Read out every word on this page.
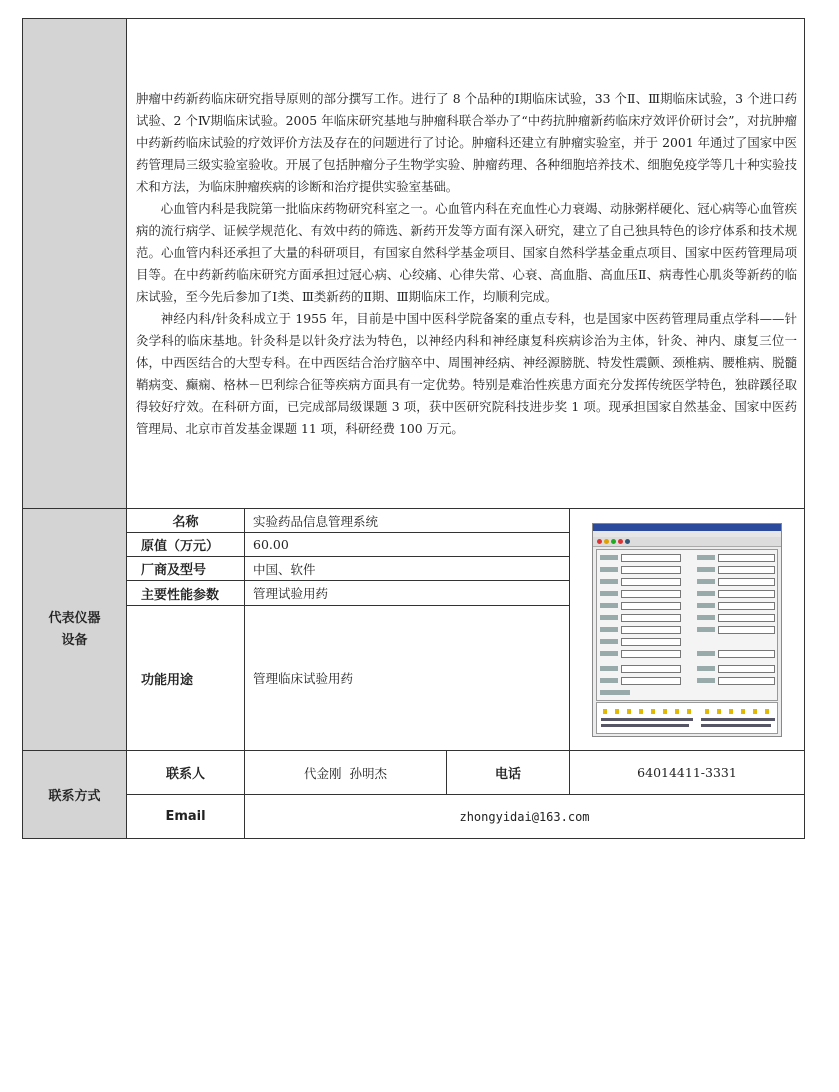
	肿瘤中药新药临床研究指导原则的部分撰写工作。进行了 8 个品种的Ⅰ期临床试验，33 个Ⅱ、Ⅲ期临床试验，3 个进口药试验、2 个Ⅳ期临床试验。2005 年临床研究基地与肿瘤科联合举办了“中药抗肿瘤新药临床疗效评价研讨会”，对抗肿瘤中药新药临床试验的疗效评价方法及存在的问题进行了讨论。肿瘤科还建立有肿瘤实验室，并于 2001 年通过了国家中医药管理局三级实验室验收。开展了包括肿瘤分子生物学实验、肿瘤药理、各种细胞培养技术、细胞免疫学等几十种实验技术和方法，为临床肿瘤疾病的诊断和治疗提供实验室基础。

心血管内科是我院第一批临床药物研究科室之一。心血管内科在充血性心力衰竭、动脉粥样硬化、冠心病等心血管疾病的流行病学、证候学规范化、有效中药的筛选、新药开发等方面有深入研究，建立了自己独具特色的诊疗体系和技术规范。心血管内科还承担了大量的科研项目，有国家自然科学基金项目、国家自然科学基金重点项目、国家中医药管理局项目等。在中药新药临床研究方面承担过冠心病、心绞痛、心律失常、心衰、高血脂、高血压Ⅱ、病毒性心肌炎等新药的临床试验，至今先后参加了Ⅰ类、Ⅲ类新药的Ⅱ期、Ⅲ期临床工作，均顺利完成。

神经内科/针灸科成立于 1955 年，目前是中国中医科学院备案的重点专科，也是国家中医药管理局重点学科——针灸学科的临床基地。针灸科是以针灸疗法为特色，以神经内科和神经康复科疾病诊治为主体，针灸、神内、康复三位一体，中西医结合的大型专科。在中西医结合治疗脑卒中、周围神经病、神经源膀胱、特发性震颤、颈椎病、腰椎病、脱髓鞘病变、癫痫、格林－巴利综合征等疾病方面具有一定优势。特别是难治性疾患方面充分发挥传统医学特色，独辟蹊径取得较好疗效。在科研方面，已完成部局级课题 3 项，获中医研究院科技进步奖 1 项。现承担国家自然基金、国家中医药管理局、北京市首发基金课题 11 项，科研经费 100 万元。			

代表仪器设备	名称	实验药品信息管理系统		

	原值（万元）	60.00		
	厂商及型号	中国、软件		
	主要性能参数	管理试验用药		
	功能用途	管理临床试验用药		
联系方式	联系人	代金刚  孙明杰	电话	64014411-3331
	Email	zhongyidai@163.com		
